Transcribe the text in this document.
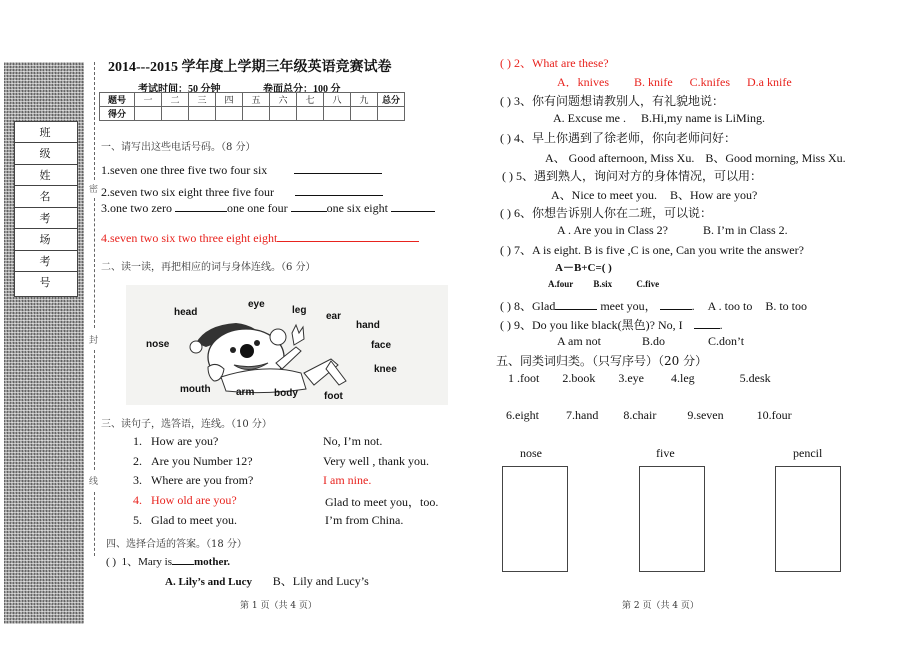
班 级
姓 名
考 场
考 号
密
封
线
2014---2015 学年度上学期三年级英语竞赛试卷
考试时间：50 分钟	卷面总分：100 分
题号	一	二	三	四	五	六	七	八	九	总分
得分										
一、请写出这些电话号码。（8 分）
1.seven one three five two four six
2.seven two six eight three five four
3.one two zero	one one four	one six eight
4.seven two six two three eight eight
二、读一读，再把相应的词与身体连线。（6 分）
head
eye
leg
ear
hand
nose	face
knee
mouth	arm body	foot
三、读句子，选答语，连线。（10 分）
1. How are you?
2. Are you Number 12?
3. Where are you from?
4. How old are you?
5. Glad to meet you.
No, I’m not.
Very well , thank you.
I am nine.
Glad to meet you，too.
I’m from China.
四、选择合适的答案。（18 分）
( ) 1、Mary is mother.
A. Lily’s and Lucy B、Lily and Lucy’s
第 1 页（共 4 页）
( ) 2、What are these?
A．knives B. knife C.knifes D.a knife
( ) 3、你有问题想请教别人，有礼貌地说：
A. Excuse me . B.Hi,my name is LiMing.
( ) 4、早上你遇到了徐老师，你向老师问好：
A、 Good afternoon, Miss Xu. B、Good morning, Miss Xu.
( ) 5、遇到熟人，询问对方的身体情况，可以用：
A、Nice to meet you. B、How are you?
( ) 6、你想告诉别人你在二班，可以说：
A . Are you in Class 2?	B. I’m in Class 2.
( ) 7、A is eight. B is five ,C is one, Can you write the answer?
A－B+C=( )
A.four B.six	C.five
( ) 8、Glad	meet you，	. A . too to B. to too
( ) 9、Do you like black(黑色)? No, I	.
A am not	B.do	C.don’t
五、同类词归类。（只写序号）（20 分）
1 .foot 2.book 3.eye 4.leg	5.desk
6.eight 7.hand 8.chair	9.seven	10.four
nose	five	pencil
第 2 页（共 4 页）
